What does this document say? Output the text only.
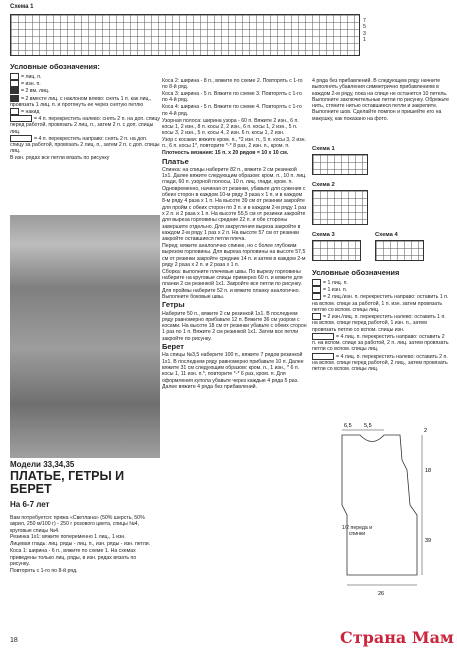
Схема 1
7
5
3
1
Условные обозначения:
= лиц. п.
= изн. п.
= 2 вм. лиц.
= 2 вместе лиц. с наклоном влево: снять 1 п. как лиц., провязать 1 лиц. п. и протянуть ее через снятую петлю
= накид
= 4 п. перекрестить налево: снять 2 п. на доп. спицу перед работой, провязать 2 лиц. п., затем 2 п. с доп. спицы лиц.
= 4 п. перекрестить направо: снять 2 п. на доп. спицу за работой, провязать 2 лиц. п., затем 2 п. с доп. спицы лиц.
В изн. рядах все петли вязать по рисунку
Модели 33,34,35
ПЛАТЬЕ, ГЕТРЫ И БЕРЕТ
На 6-7 лет

Вам потребуется: пряжа «Светлана» (50% шерсть, 50% акрил, 250 м/100 г) - 250 г розового цвета, спицы №4, круговые спицы №4.

Резинка 1х1: вяжите попеременно 1 лиц., 1 изн.

Лицевая гладь: лиц. ряды - лиц. п., изн. ряды - изн. петли.

Коса 1: ширина - 6 п., вяжите по схеме 1. На схемах приведены только лиц. ряды, в изн. рядах вязать по рисунку.

Повторять с 1-го по 8-й ряд.

Коса 2: ширина - 8 п., вяжите по схеме 2. Повторять с 1-го по 8-й ряд.

Коса 3: ширина - 5 п. Вяжите по схеме 3. Повторять с 1-го по 4-й ряд.

Коса 4: ширина - 5 п. Вяжите по схеме 4. Повторять с 1-го по 4-й ряд.

Узорная полоса: ширина узора - 60 п. Вяжите 2 изн., 6 п. косы 1, 2 изн., 8 п. косы 2, 2 изн., 6 п. косы 1, 2 изн., 5 п. косы 3, 2 изн., 5 п. косы 4, 2 изн. 6 п. косы 1, 2 изн.

Узор с косами: вяжите кром. п., *2 изн. п., 5 п. косы 3, 2 изн. п., 6 п. косы 1*, повторите *-* 8 раз, 2 изн. п., кром. п.

Плотность вязания: 15 п. х 20 рядов = 10 х 10 см.

Платье

Спинка: на спицы наберите 82 п., вяжите 2 см резинкой 1х1. Далее вяжите следующим образом: кром. п., 10 п. лиц. глади, 60 п. узорной полосы, 10 п. лиц. глади, кром. п. Одновременно, начиная от резинки, убавьте для сужения с обеих сторон в каждом 10-м ряду 3 раза х 1 п. и в каждом 8-м ряду 4 раза х 1 п. На высоте 39 см от резинки закройте для пройм с обеих сторон по 3 п. и в каждом 2-м ряду 1 раз х 2 п. и 2 раза х 1 п. На высоте 55,5 см от резинки закройте для выреза горловины средние 22 п. и обе стороны завершите отдельно. Для закругления выреза закройте в каждом 2-м ряду 1 раз х 2 п. На высоте 57 см от резинки закройте оставшиеся петли плеча.

Перед: вяжите аналогично спинке, но с более глубоким вырезом горловины. Для выреза горловины на высоте 57,5 см от резинки закройте средние 14 п. и затем в каждом 2-м ряду 2 раза х 2 п. и 2 раза х 1 п.

Сборка: выполните плечевые швы. По вырезу горловины наберите на круговые спицы примерно 60 п. и вяжите для планки 2 см резинкой 1х1. Закройте все петли по рисунку. Для проймы наберите 52 п. и вяжите планку аналогично. Выполните боковые швы.

Гетры

Наберите 50 п., вяжите 2 см резинкой 1х1. В последнем ряду равномерно прибавьте 12 п. Вяжите 36 см узором с косами. На высоте 18 см от резинки убавьте с обеих сторон 1 раз по 1 п. Вяжите 2 см резинкой 1х1. Затем все петли закройте по рисунку.

Берет

На спицы №3,5 наберите 100 п., вяжите 7 рядов резинкой 1х1. В последнем ряду равномерно прибавьте 10 п. Далее вяжите 31 см следующим образом: кром. п., 1 изн., * 6 п. косы 1, 11 изн. п.*, повторите *-* 6 раз, кром. п. Для оформления купола убавьте через каждые 4 ряда 5 раз. Далее вяжите 4 ряда без прибавлений.

4 ряда без прибавлений. В следующем ряду начните выполнять убавления симметрично прибавлениям в каждом 2-м ряду, пока на спице не останется 10 петель. Выполните заключительные петли по рисунку. Обрежьте нить, стяните нитью оставшиеся петли и закрепите. Выполните шов. Сделайте помпон и пришейте его на макушку, как показано на фото.
Схема 1
Схема 2
Схема 3	Схема 4
Условные обозначения
= 1 лиц. п.
= 1 изн. п.
= 2 лиц./изн. п. перекрестить направо: оставить 1 п. на вспом. спице за работой, 1 п. изн. затем провязать петлю со вспом. спицы лиц.
= 2 изн./лиц. п. перекрестить налево: оставить 1 п. на вспом. спице перед работой, 1 изн. п., затем провязать петлю со вспом. спицы изн.
= 4 лиц. п. перекрестить направо: оставить 2 п. на вспом. спице за работой, 2 п. лиц. затем провязать петли со вспом. спицы лиц.
= 4 лиц. п. перекрестить налево: оставить 2 п. на вспом. спице перед работой, 2 лиц., затем провязать петли со вспом. спицы лиц.
6,5 5,5
2
18
39
26
1/2 переда и спинки
18	Страна Мам
